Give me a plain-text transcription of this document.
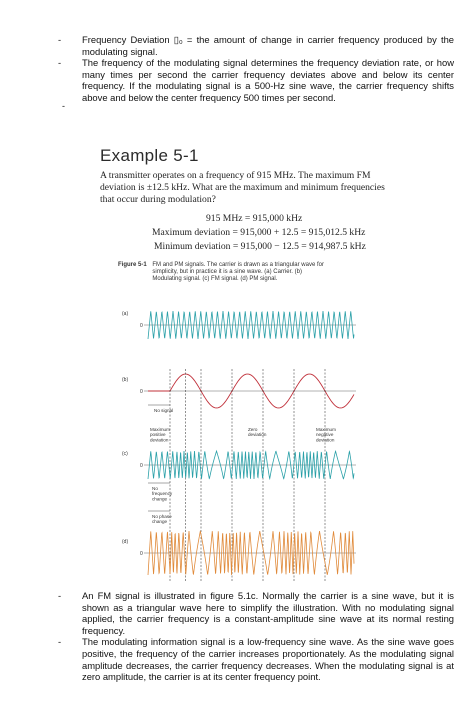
- Frequency Deviation ▯₀ = the amount of change in carrier frequency produced by the modulating signal.
- The frequency of the modulating signal determines the frequency deviation rate, or how many times per second the carrier frequency deviates above and below its center frequency. If the modulating signal is a 500-Hz sine wave, the carrier frequency shifts above and below the center frequency 500 times per second.
-
Example 5-1
A transmitter operates on a frequency of 915 MHz. The maximum FM deviation is ±12.5 kHz. What are the maximum and minimum frequencies that occur during modulation?
915 MHz = 915,000 kHz
Maximum deviation = 915,000 + 12.5 = 915,012.5 kHz
Minimum deviation = 915,000 − 12.5 = 914,987.5 kHz
Figure 5-1 FM and PM signals. The carrier is drawn as a triangular wave for simplicity, but in practice it is a sine wave. (a) Carrier. (b) Modulating signal. (c) FM signal. (d) PM signal.
(a)
0
(b)
0
No signal
Maximum positive deviation
Zero deviation
Maximum negative deviation
(c)
0
No frequency change
No phase change
(d)
0
- An FM signal is illustrated in figure 5.1c. Normally the carrier is a sine wave, but it is shown as a triangular wave here to simplify the illustration. With no modulating signal applied, the carrier frequency is a constant-amplitude sine wave at its normal resting frequency.
- The modulating information signal is a low-frequency sine wave. As the sine wave goes positive, the frequency of the carrier increases proportionately. As the modulating signal amplitude decreases, the carrier frequency decreases. When the modulating signal is at zero amplitude, the carrier is at its center frequency point.
